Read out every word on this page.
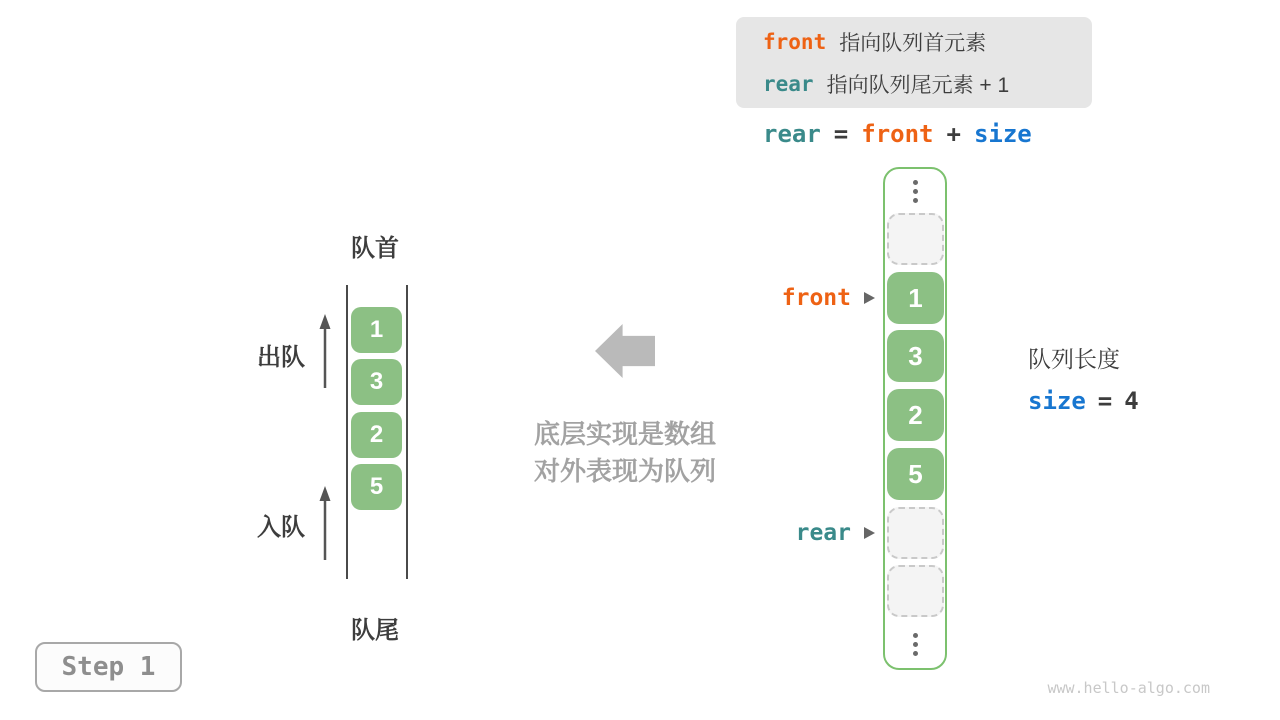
front 指向队列首元素
rear 指向队列尾元素 + 1
rear = front + size
1
3
2
5
front
rear
队列长度
size = 4
队首
1
3
2
5
出队
入队
队尾
底层实现是数组
对外表现为队列
Step 1
www.hello-algo.com
